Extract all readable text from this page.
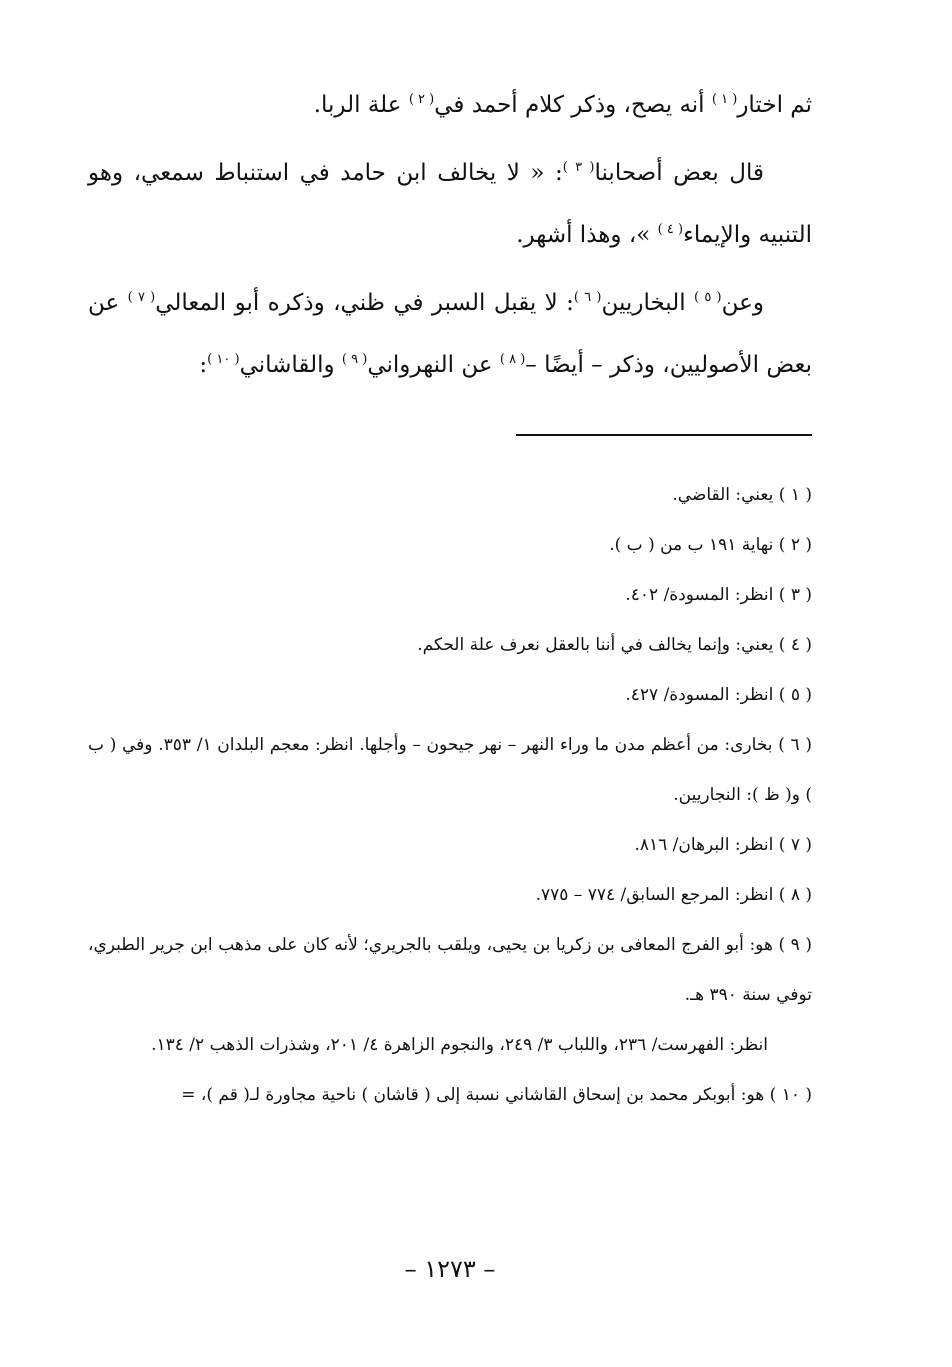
ثم اختار$^{( ١ )}$ أنه يصح، وذكر كلام أحمد في$^{( ٢ )}$ علة الربا.

قال بعض أصحابنا$^{( ٣ )}$: « لا يخالف ابن حامد في استنباط سمعي، وهو التنبيه والإيماء$^{( ٤ )}$ »، وهذا أشهر.

وعن$^{( ٥ )}$ البخاريين$^{( ٦ )}$: لا يقبل السبر في ظني، وذكره أبو المعالي$^{( ٧ )}$ عن بعض الأصوليين، وذكر – أيضًا –$^{( ٨ )}$ عن النهرواني$^{( ٩ )}$ والقاشاني$^{( ١٠ )}$:

( ١ ) يعني: القاضي.
( ٢ ) نهاية ١٩١ ب من ( ب ).
( ٣ ) انظر: المسودة/ ٤٠٢.
( ٤ ) يعني: وإنما يخالف في أننا بالعقل نعرف علة الحكم.
( ٥ ) انظر: المسودة/ ٤٢٧.
( ٦ ) بخارى: من أعظم مدن ما وراء النهر – نهر جيحون – وأجلها. انظر: معجم البلدان ١/ ٣٥٣. وفي ( ب ) و( ظ ): النجاريين.
( ٧ ) انظر: البرهان/ ٨١٦.
( ٨ ) انظر: المرجع السابق/ ٧٧٤ – ٧٧٥.
( ٩ ) هو: أبو الفرج المعافى بن زكريا بن يحيى، ويلقب بالجريري؛ لأنه كان على مذهب ابن جرير الطبري، توفي سنة ٣٩٠ هـ.
انظر: الفهرست/ ٢٣٦، واللباب ٣/ ٢٤٩، والنجوم الزاهرة ٤/ ٢٠١، وشذرات الذهب ٢/ ١٣٤.
( ١٠ ) هو: أبوبكر محمد بن إسحاق القاشاني نسبة إلى ( قاشان ) ناحية مجاورة لـ( قم )، =
– ١٢٧٣ –
